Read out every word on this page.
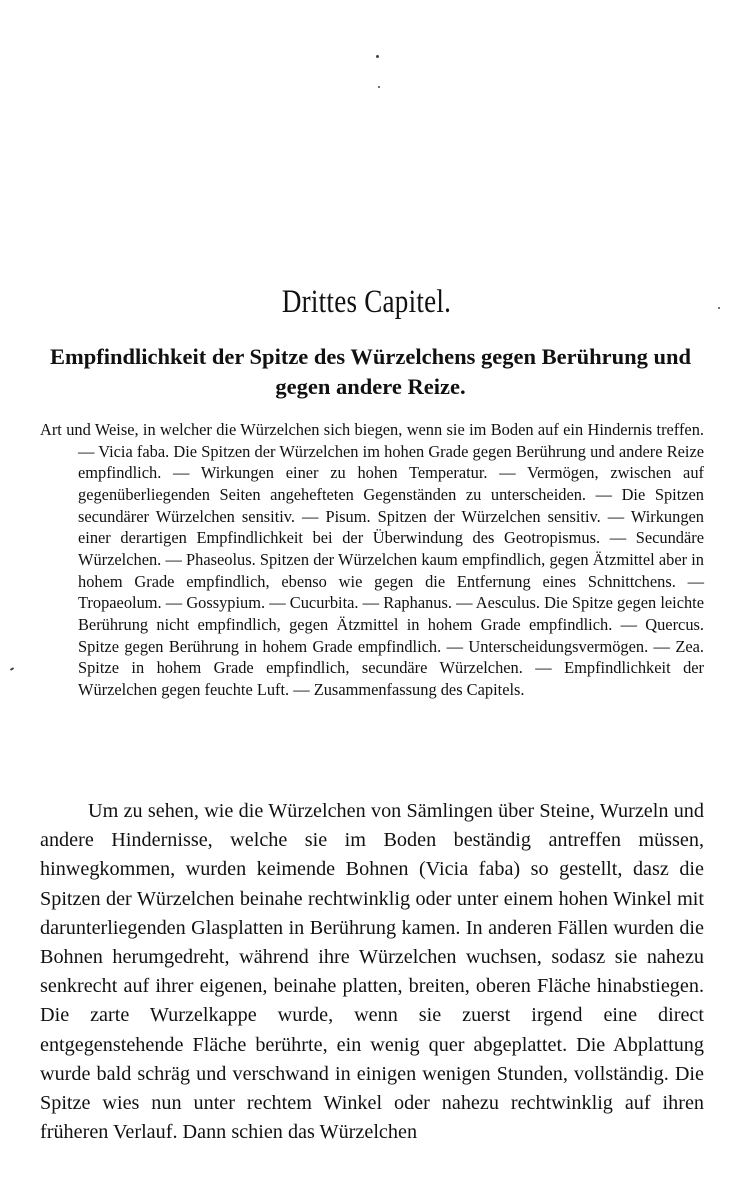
Drittes Capitel.
Empfindlichkeit der Spitze des Würzelchens gegen Berührung und gegen andere Reize.

Art und Weise, in welcher die Würzelchen sich biegen, wenn sie im Boden auf ein Hindernis treffen. — Vicia faba. Die Spitzen der Würzelchen im hohen Grade gegen Berührung und andere Reize empfindlich. — Wirkungen einer zu hohen Temperatur. — Vermögen, zwischen auf gegenüberliegenden Seiten angehefteten Gegenständen zu unterscheiden. — Die Spitzen secundärer Würzelchen sensitiv. — Pisum. Spitzen der Würzelchen sensitiv. — Wirkungen einer derartigen Empfindlichkeit bei der Überwindung des Geotropismus. — Secundäre Würzelchen. — Phaseolus. Spitzen der Würzelchen kaum empfindlich, gegen Ätzmittel aber in hohem Grade empfindlich, ebenso wie gegen die Entfernung eines Schnittchens. — Tropaeolum. — Gossypium. — Cucurbita. — Raphanus. — Aesculus. Die Spitze gegen leichte Berührung nicht empfindlich, gegen Ätzmittel in hohem Grade empfindlich. — Quercus. Spitze gegen Berührung in hohem Grade empfindlich. — Unterscheidungsvermögen. — Zea. Spitze in hohem Grade empfindlich, secundäre Würzelchen. — Empfindlichkeit der Würzelchen gegen feuchte Luft. — Zusammenfassung des Capitels.

Um zu sehen, wie die Würzelchen von Sämlingen über Steine, Wurzeln und andere Hindernisse, welche sie im Boden beständig antreffen müssen, hinwegkommen, wurden keimende Bohnen (Vicia faba) so gestellt, dasz die Spitzen der Würzelchen beinahe rechtwinklig oder unter einem hohen Winkel mit darunterliegenden Glasplatten in Berührung kamen. In anderen Fällen wurden die Bohnen herumgedreht, während ihre Würzelchen wuchsen, sodasz sie nahezu senkrecht auf ihrer eigenen, beinahe platten, breiten, oberen Fläche hinabstiegen. Die zarte Wurzelkappe wurde, wenn sie zuerst irgend eine direct entgegenstehende Fläche berührte, ein wenig quer abgeplattet. Die Abplattung wurde bald schräg und verschwand in einigen wenigen Stunden, vollständig. Die Spitze wies nun unter rechtem Winkel oder nahezu rechtwinklig auf ihren früheren Verlauf. Dann schien das Würzelchen
